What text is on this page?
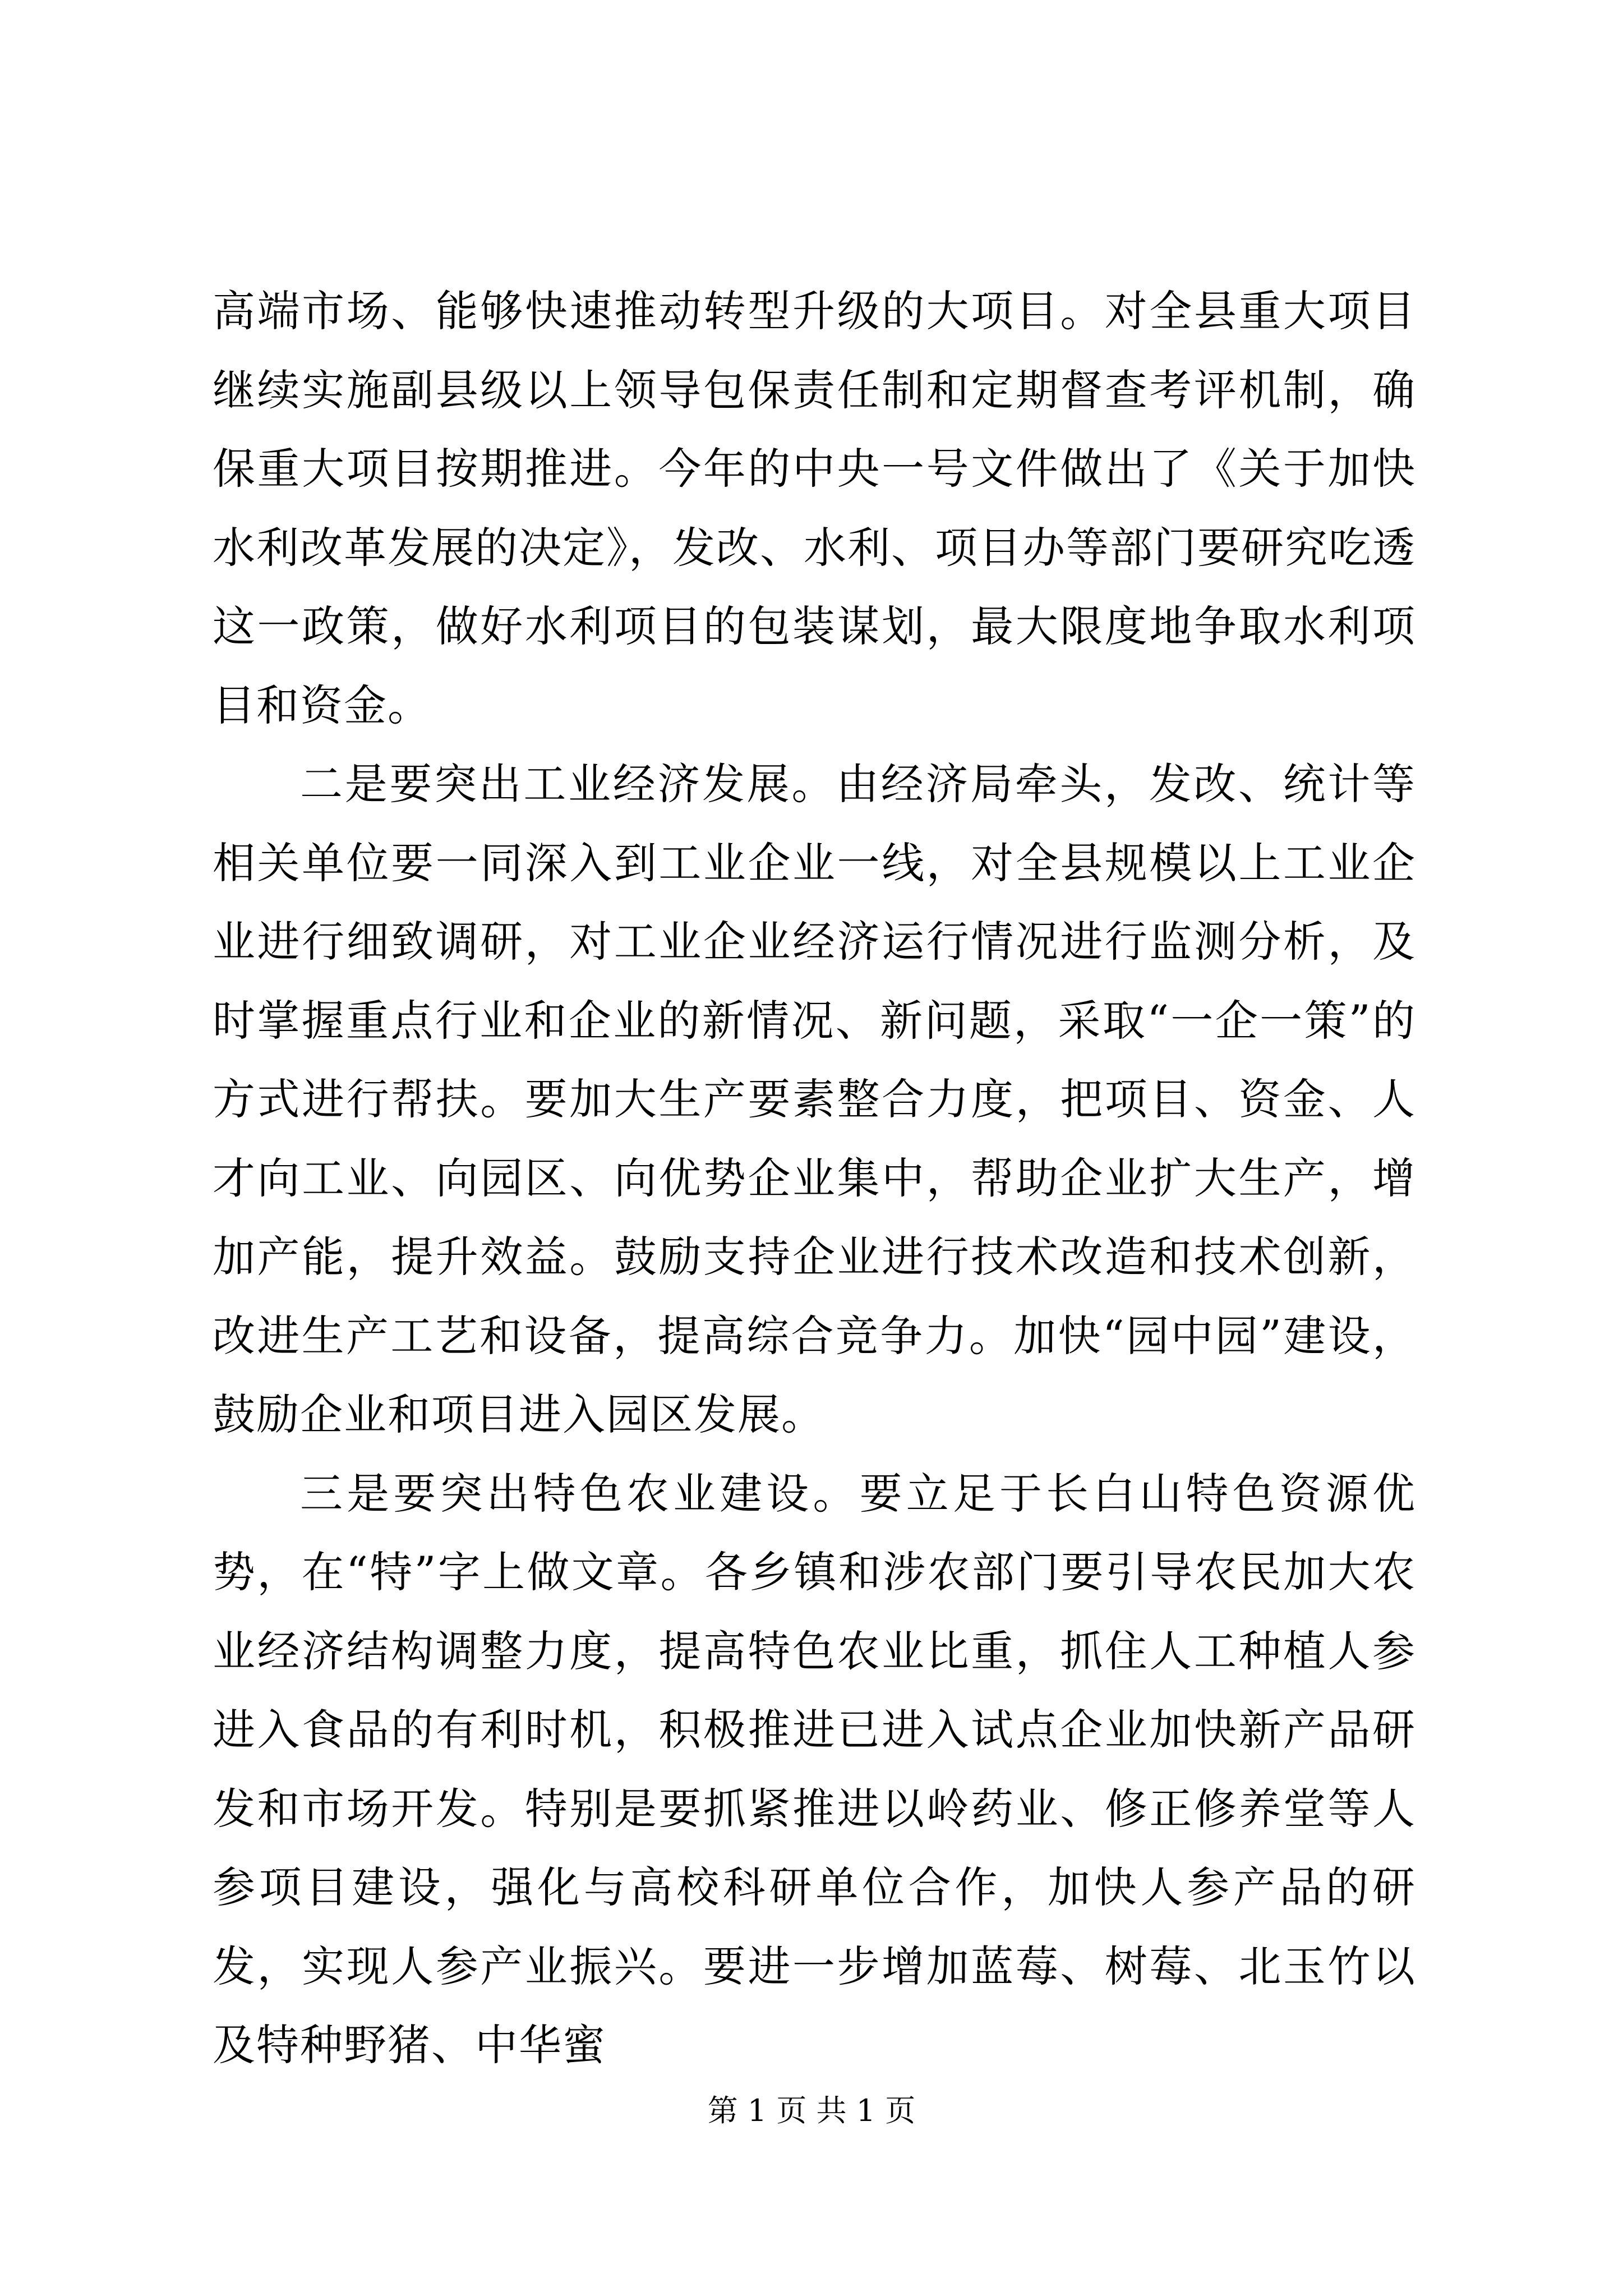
高端市场、能够快速推动转型升级的大项目。对全县重大项目继续实施副县级以上领导包保责任制和定期督查考评机制，确保重大项目按期推进。今年的中央一号文件做出了《关于加快水利改革发展的决定》，发改、水利、项目办等部门要研究吃透这一政策，做好水利项目的包装谋划，最大限度地争取水利项目和资金。

二是要突出工业经济发展。由经济局牵头，发改、统计等相关单位要一同深入到工业企业一线，对全县规模以上工业企业进行细致调研，对工业企业经济运行情况进行监测分析，及时掌握重点行业和企业的新情况、新问题，采取“一企一策”的方式进行帮扶。要加大生产要素整合力度，把项目、资金、人才向工业、向园区、向优势企业集中，帮助企业扩大生产，增加产能，提升效益。鼓励支持企业进行技术改造和技术创新，改进生产工艺和设备，提高综合竞争力。加快“园中园”建设，鼓励企业和项目进入园区发展。

三是要突出特色农业建设。要立足于长白山特色资源优势，在“特”字上做文章。各乡镇和涉农部门要引导农民加大农业经济结构调整力度，提高特色农业比重，抓住人工种植人参进入食品的有利时机，积极推进已进入试点企业加快新产品研发和市场开发。特别是要抓紧推进以岭药业、修正修养堂等人参项目建设，强化与高校科研单位合作，加快人参产品的研发，实现人参产业振兴。要进一步增加蓝莓、树莓、北玉竹以及特种野猪、中华蜜

第 1 页 共 1 页
